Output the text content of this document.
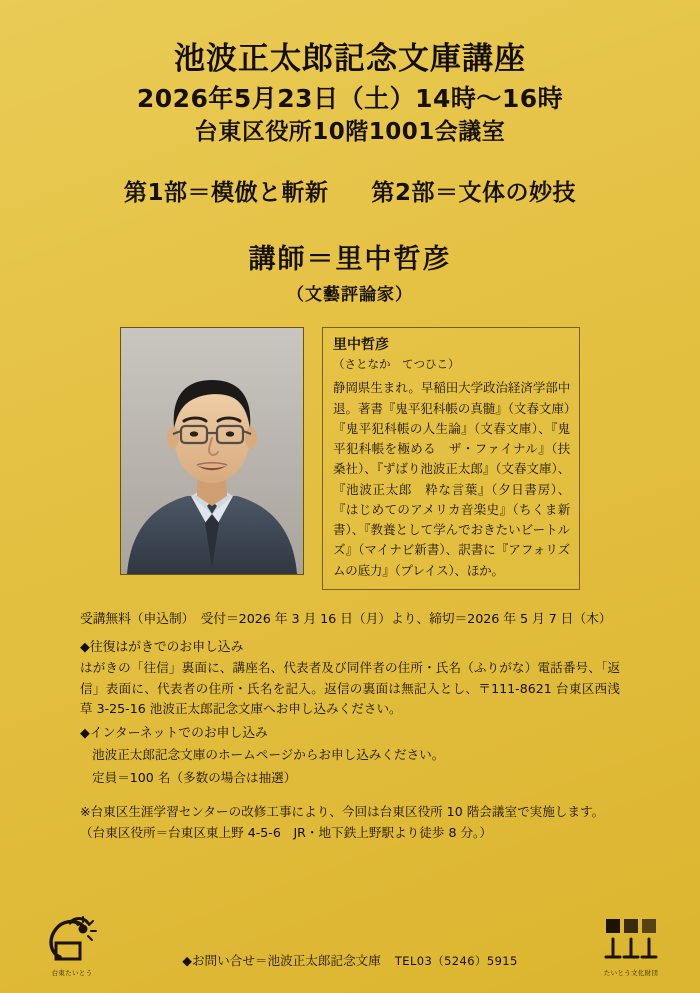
池波正太郎記念文庫講座
2026年5月23日（土）14時〜16時
台東区役所10階1001会議室
第1部＝模倣と斬新 第2部＝文体の妙技
講師＝里中哲彦
（文藝評論家）
里中哲彦
（さとなか　てつひこ）
静岡県生まれ。早稲田大学政治経済学部中退。著書『鬼平犯科帳の真髄』（文春文庫）『鬼平犯科帳の人生論』（文春文庫）、『鬼平犯科帳を極める　ザ・ファイナル』（扶桑社）、『ずばり池波正太郎』（文春文庫）、『池波正太郎　粋な言葉』（夕日書房）、『はじめてのアメリカ音楽史』（ちくま新書）、『教養として学んでおきたいビートルズ』（マイナビ新書）、訳書に『アフォリズムの底力』（プレイス）、ほか。
受講無料（申込制）　受付＝2026 年 3 月 16 日（月）より、締切＝2026 年 5 月 7 日（木）
◆往復はがきでのお申し込み
はがきの「往信」裏面に、講座名、代表者及び同伴者の住所・氏名（ふりがな）電話番号、「返信」表面に、代表者の住所・氏名を記入。返信の裏面は無記入とし、〒111-8621 台東区西浅草 3-25-16 池波正太郎記念文庫へお申し込みください。
◆インターネットでのお申し込み
池波正太郎記念文庫のホームページからお申し込みください。
定員＝100 名（多数の場合は抽選）
※台東区生涯学習センターの改修工事により、今回は台東区役所 10 階会議室で実施します。
（台東区役所＝台東区東上野 4-5-6　JR・地下鉄上野駅より徒歩 8 分。）
◆お問い合せ＝池波正太郎記念文庫 TEL03（5246）5915
台東たいとう	たいとう文化財団
